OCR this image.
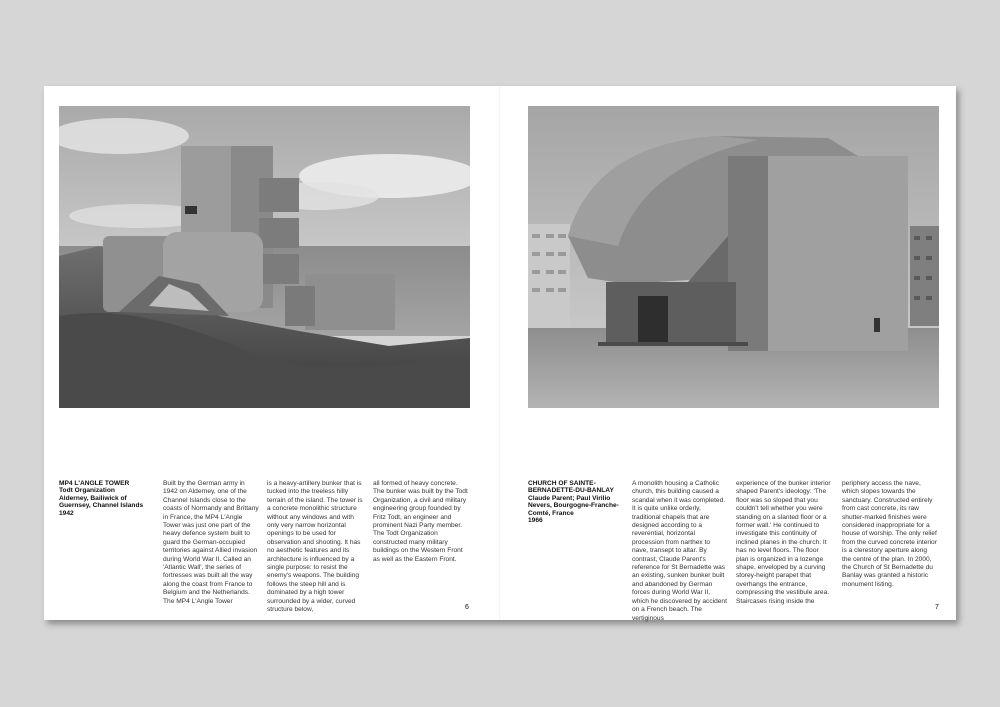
MP4 L'ANGLE TOWER
Todt Organization
Alderney, Bailiwick of Guernsey, Channel Islands
1942
Built by the German army in 1942 on Alderney, one of the Channel Islands close to the coasts of Normandy and Brittany in France, the MP4 L'Angle Tower was just one part of the heavy defence system built to guard the German-occupied territories against Allied invasion during World War II. Called an 'Atlantic Wall', the series of fortresses was built all the way along the coast from France to Belgium and the Netherlands. The MP4 L'Angle Tower
is a heavy-artillery bunker that is tucked into the treeless hilly terrain of the island. The tower is a concrete monolithic structure without any windows and with only very narrow horizontal openings to be used for observation and shooting. It has no aesthetic features and its architecture is influenced by a single purpose: to resist the enemy's weapons. The building follows the steep hill and is dominated by a high tower surrounded by a wider, curved structure below,
all formed of heavy concrete. The bunker was built by the Todt Organization, a civil and military engineering group founded by Fritz Todt, an engineer and prominent Nazi Party member. The Todt Organization constructed many military buildings on the Western Front as well as the Eastern Front.
6
CHURCH OF SAINTE-BERNADETTE-DU-BANLAY
Claude Parent; Paul Virilio
Nevers, Bourgogne-Franche-Comté, France
1966
A monolith housing a Catholic church, this building caused a scandal when it was completed. It is quite unlike orderly, traditional chapels that are designed according to a reverential, horizontal procession from narthex to nave, transept to altar. By contrast, Claude Parent's reference for St Bernadette was an existing, sunken bunker built and abandoned by German forces during World War II, which he discovered by accident on a French beach. The vertiginous
experience of the bunker interior shaped Parent's ideology: 'The floor was so sloped that you couldn't tell whether you were standing on a slanted floor or a former wall.' He continued to investigate this continuity of inclined planes in the church. It has no level floors. The floor plan is organized in a lozenge shape, enveloped by a curving storey-height parapet that overhangs the entrance, compressing the vestibule area. Staircases rising inside the
periphery access the nave, which slopes towards the sanctuary. Constructed entirely from cast concrete, its raw shutter-marked finishes were considered inappropriate for a house of worship. The only relief from the curved concrete interior is a clerestory aperture along the centre of the plan. In 2000, the Church of St Bernadette du Banlay was granted a historic monument listing.
7
